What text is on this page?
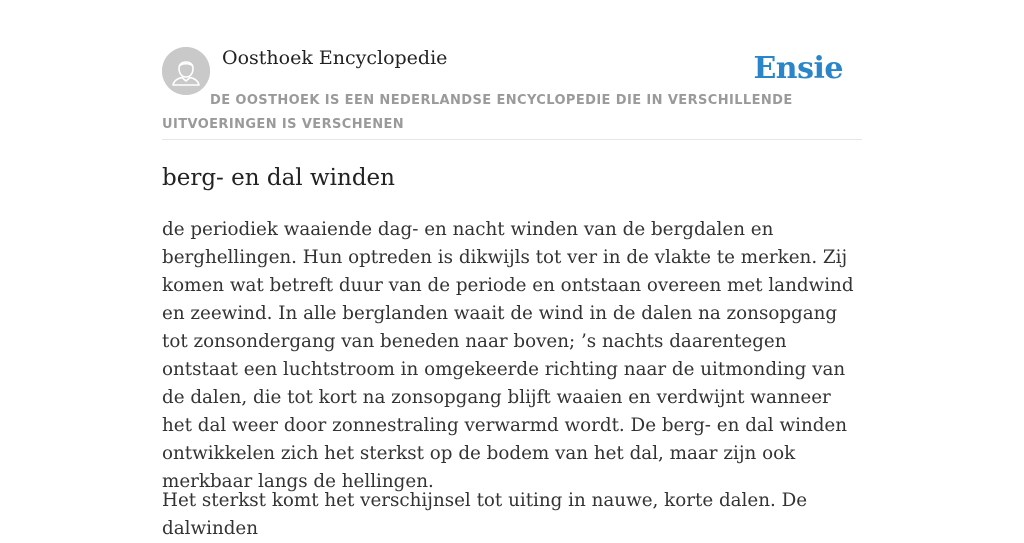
Oosthoek Encyclopedie	Ensie
DE OOSTHOEK IS EEN NEDERLANDSE ENCYCLOPEDIE DIE IN VERSCHILLENDE UITVOERINGEN IS VERSCHENEN
berg- en dal winden

de periodiek waaiende dag- en nacht winden van de bergdalen en berghellingen. Hun optreden is dikwijls tot ver in de vlakte te merken. Zij komen wat betreft duur van de periode en ontstaan overeen met landwind en zeewind. In alle berglanden waait de wind in de dalen na zonsopgang tot zonsondergang van beneden naar boven; ’s nachts daarentegen ontstaat een luchtstroom in omgekeerde richting naar de uitmonding van de dalen, die tot kort na zonsopgang blijft waaien en verdwijnt wanneer het dal weer door zonnestraling verwarmd wordt. De berg- en dal winden ontwikkelen zich het sterkst op de bodem van het dal, maar zijn ook merkbaar langs de hellingen.

Het sterkst komt het verschijnsel tot uiting in nauwe, korte dalen. De dalwinden
